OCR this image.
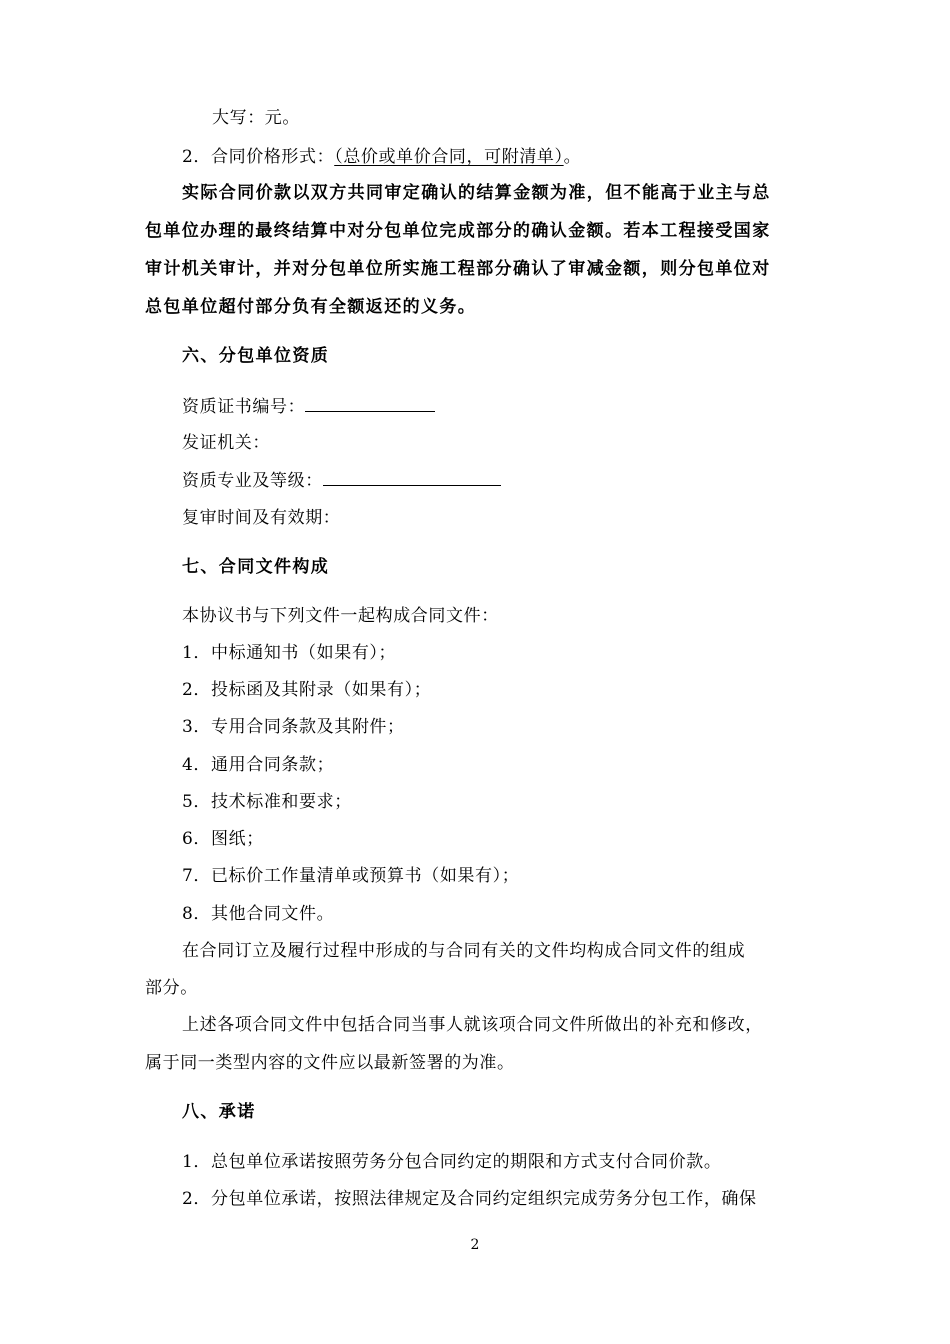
大写：元。
2．合同价格形式：（总价或单价合同，可附清单）。
实际合同价款以双方共同审定确认的结算金额为准，但不能高于业主与总
包单位办理的最终结算中对分包单位完成部分的确认金额。若本工程接受国家
审计机关审计，并对分包单位所实施工程部分确认了审减金额，则分包单位对
总包单位超付部分负有全额返还的义务。
六、分包单位资质
资质证书编号：
发证机关：
资质专业及等级：
复审时间及有效期：
七、合同文件构成
本协议书与下列文件一起构成合同文件：
1．中标通知书（如果有）；
2．投标函及其附录（如果有）；
3．专用合同条款及其附件；
4．通用合同条款；
5．技术标准和要求；
6．图纸；
7．已标价工作量清单或预算书（如果有）；
8．其他合同文件。
在合同订立及履行过程中形成的与合同有关的文件均构成合同文件的组成
部分。
上述各项合同文件中包括合同当事人就该项合同文件所做出的补充和修改，
属于同一类型内容的文件应以最新签署的为准。
八、承诺
1．总包单位承诺按照劳务分包合同约定的期限和方式支付合同价款。
2．分包单位承诺，按照法律规定及合同约定组织完成劳务分包工作，确保
2
